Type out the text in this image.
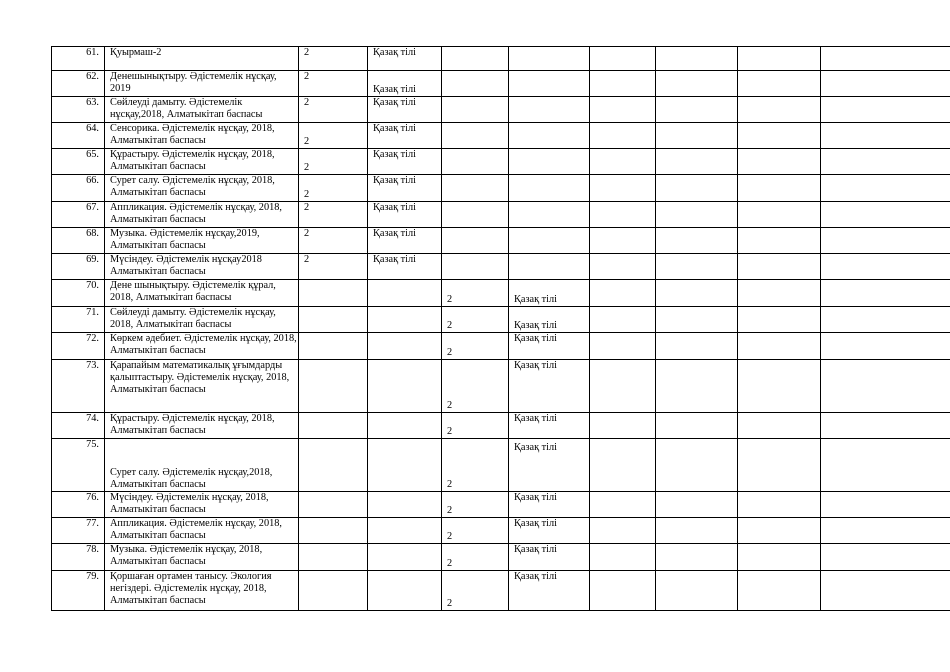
61.	Қуырмаш-2	2	Қазақ тілі						
62.	Денешынықтыру. Әдістемелік нұсқау, 2019	2	Қазақ тілі						
63.	Сөйлеуді дамыту. Әдістемелік нұсқау,2018, Алматыкітап баспасы	2	Қазақ тілі						
64.	Сенсорика. Әдістемелік нұсқау, 2018, Алматыкітап баспасы	2	Қазақ тілі						
65.	Құрастыру. Әдістемелік нұсқау, 2018, Алматыкітап баспасы	2	Қазақ тілі						
66.	Сурет салу. Әдістемелік нұсқау, 2018, Алматыкітап баспасы	2	Қазақ тілі						
67.	Аппликация. Әдістемелік нұсқау, 2018, Алматыкітап баспасы	2	Қазақ тілі						
68.	Музыка. Әдістемелік нұсқау,2019, Алматыкітап баспасы	2	Қазақ тілі						
69.	Мүсіндеу. Әдістемелік нұсқау2018 Алматыкітап баспасы	2	Қазақ тілі						
70.	Дене шынықтыру. Әдістемелік құрал, 2018, Алматыкітап баспасы			2	Қазақ тілі				
71.	Сөйлеуді дамыту. Әдістемелік нұсқау, 2018, Алматыкітап баспасы			2	Қазақ тілі				
72.	Көркем әдебиет. Әдістемелік нұсқау, 2018, Алматыкітап баспасы			2	Қазақ тілі				
73.	Қарапайым математикалық ұғымдарды қалыптастыру. Әдістемелік нұсқау, 2018, Алматыкітап баспасы			2	Қазақ тілі				
74.	Құрастыру. Әдістемелік нұсқау, 2018, Алматыкітап баспасы			2	Қазақ тілі				
75.	Сурет салу. Әдістемелік нұсқау,2018, Алматыкітап баспасы			2	Қазақ тілі				
76.	Мүсіндеу. Әдістемелік нұсқау, 2018, Алматыкітап баспасы			2	Қазақ тілі				
77.	Аппликация. Әдістемелік нұсқау, 2018, Алматыкітап баспасы			2	Қазақ тілі				
78.	Музыка. Әдістемелік нұсқау, 2018, Алматыкітап баспасы			2	Қазақ тілі				
79.	Қоршаған ортамен танысу. Экология негіздері. Әдістемелік нұсқау, 2018, Алматыкітап баспасы			2	Қазақ тілі				
